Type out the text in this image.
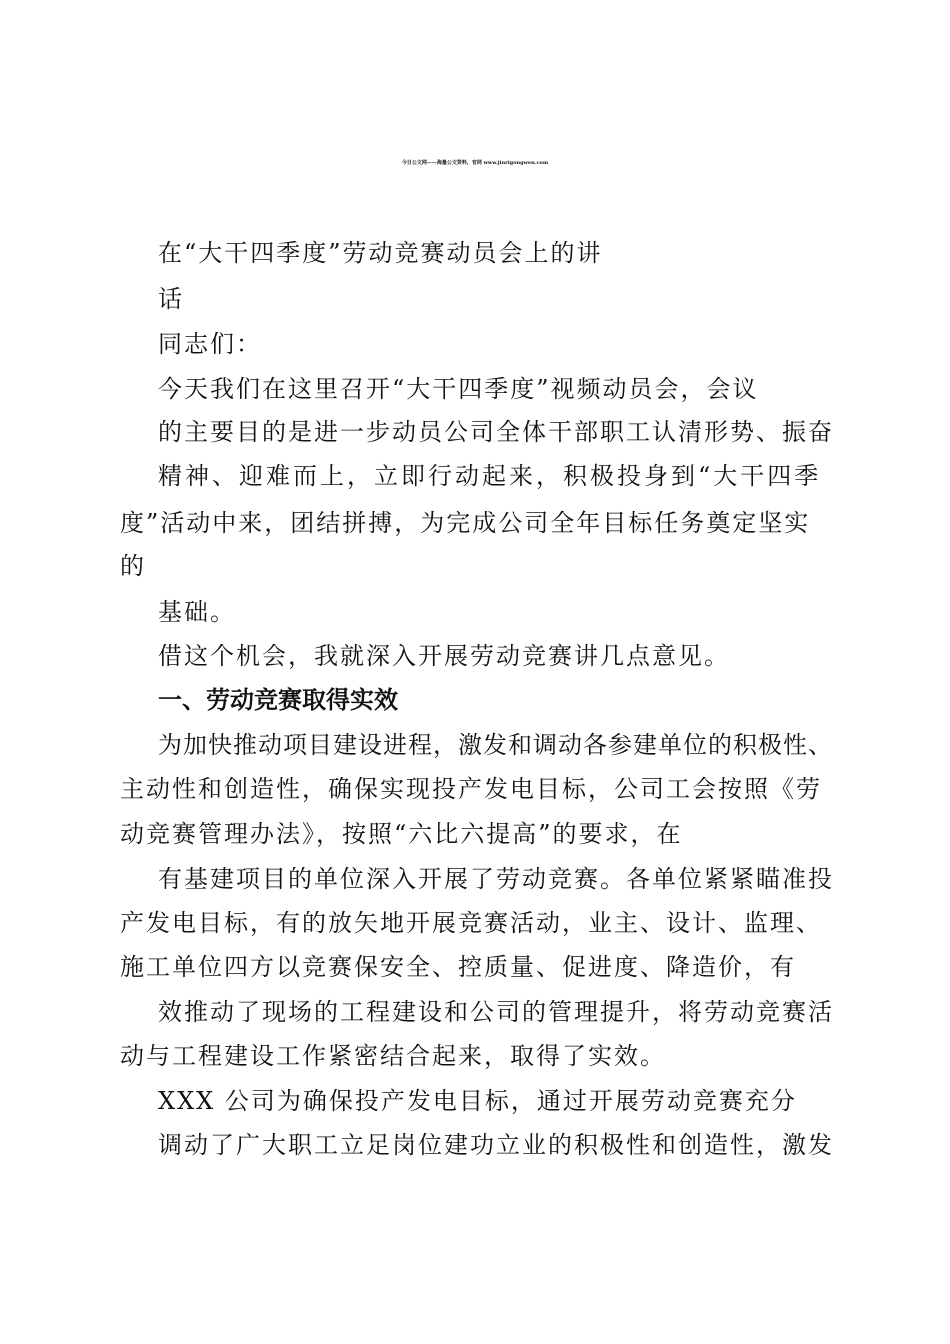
今日公文网——海量公文资料，官网 www.jinrigongwen.com
在“大干四季度”劳动竞赛动员会上的讲
话
同志们：
今天我们在这里召开“大干四季度”视频动员会，会议
的主要目的是进一步动员公司全体干部职工认清形势、振奋
精神、迎难而上，立即行动起来，积极投身到“大干四季
度”活动中来，团结拼搏，为完成公司全年目标任务奠定坚实
的
基础。
借这个机会，我就深入开展劳动竞赛讲几点意见。
一、劳动竞赛取得实效
为加快推动项目建设进程，激发和调动各参建单位的积极性、
主动性和创造性，确保实现投产发电目标，公司工会按照《劳
动竞赛管理办法》，按照“六比六提高”的要求，在
有基建项目的单位深入开展了劳动竞赛。各单位紧紧瞄准投
产发电目标，有的放矢地开展竞赛活动，业主、设计、监理、
施工单位四方以竞赛保安全、控质量、促进度、降造价，有
效推动了现场的工程建设和公司的管理提升，将劳动竞赛活
动与工程建设工作紧密结合起来，取得了实效。
XXX 公司为确保投产发电目标，通过开展劳动竞赛充分
调动了广大职工立足岗位建功立业的积极性和创造性，激发
